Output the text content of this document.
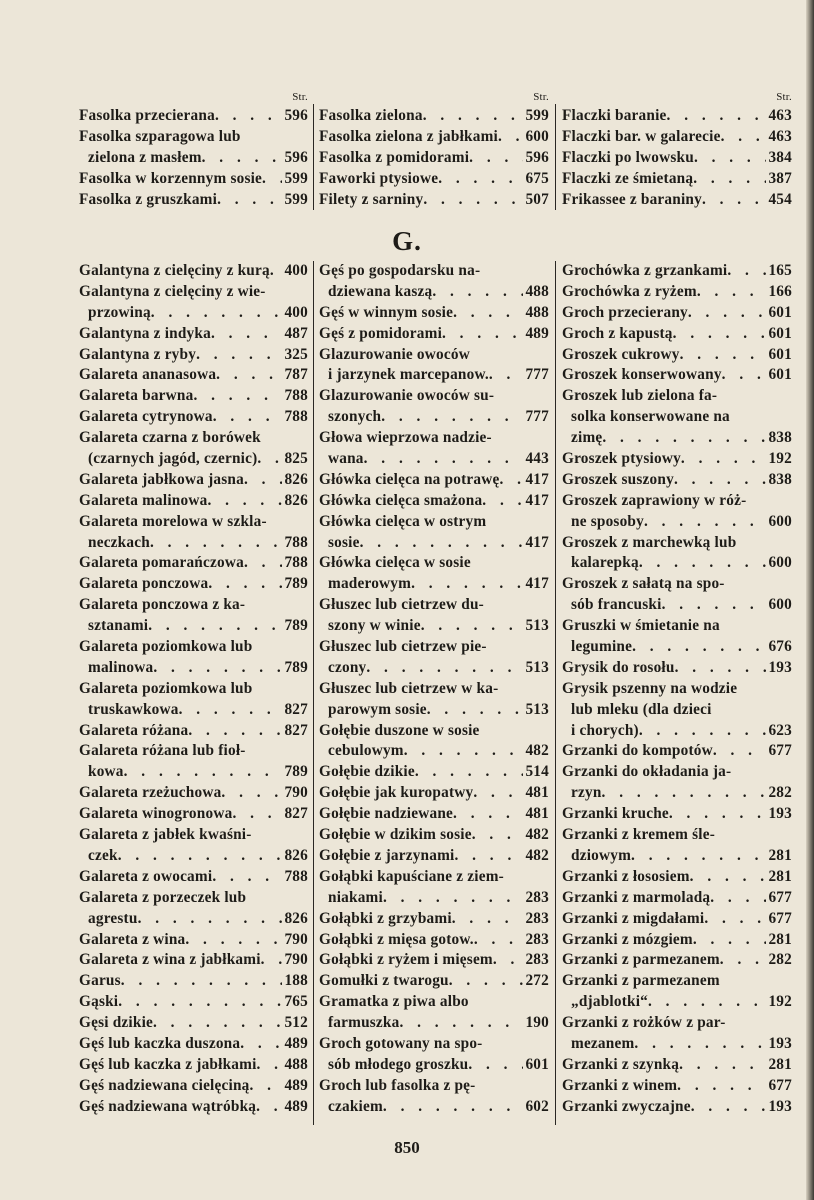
Str.
Fasolka przecierana . . .	596
Fasolka szparagowa lub
zielona z masłem . . .	596
Fasolka w korzennym sosie . . . 599
Fasolka z gruszkami . . .	599
Str.
Fasolka zielona . . .	599
Fasolka zielona z jabłkami . . . 600
Fasolka z pomidorami . . .	596
Faworki ptysiowe . . .	675
Filety z sarniny . . .	507
Str.
Flaczki baranie . . .	463
Flaczki bar. w galarecie . . .	463
Flaczki po lwowsku . . .	384
Flaczki ze śmietaną . . .	387
Frikassee z baraniny . . .	454
G.
Galantyna z cielęciny z kurą . . . 400
Galantyna z cielęciny z wie-
przowiną . . .	400
Galantyna z indyka . . .	487
Galantyna z ryby . . .	325
Galareta ananasowa . . .	787
Galareta barwna . . .	788
Galareta cytrynowa . . .	788
Galareta czarna z borówek
(czarnych jagód, czernic) . . . 825
Galareta jabłkowa jasna . . .	826
Galareta malinowa . . .	826
Galareta morelowa w szkla-
neczkach . . .	788
Galareta pomarańczowa . . .	788
Galareta ponczowa . . .	789
Galareta ponczowa z ka-
sztanami . . .	789
Galareta poziomkowa lub
malinowa . . .	789
Galareta poziomkowa lub
truskawkowa . . .	827
Galareta różana . . .	827
Galareta różana lub fioł-
kowa . . .	789
Galareta rzeżuchowa . . .	790
Galareta winogronowa . . .	827
Galareta z jabłek kwaśni-
czek . . .	826
Galareta z owocami . . .	788
Galareta z porzeczek lub
agrestu . . .	826
Galareta z wina . . .	790
Galareta z wina z jabłkami . . . 790
Garus . . .	188
Gąski . . .	765
Gęsi dzikie . . .	512
Gęś lub kaczka duszona . . .	489
Gęś lub kaczka z jabłkami . . . 488
Gęś nadziewana cielęciną . . . 489
Gęś nadziewana wątróbką . . . 489
Gęś po gospodarsku na-
dziewana kaszą . . .	488
Gęś w winnym sosie . . .	488
Gęś z pomidorami . . .	489
Glazurowanie owoców
i jarzynek marcepanow. . . . 777
Glazurowanie owoców su-
szonych . . .	777
Głowa wieprzowa nadzie-
wana . . .	443
Główka cielęca na potrawę . . . 417
Główka cielęca smażona . . .	417
Główka cielęca w ostrym
sosie . . .	417
Główka cielęca w sosie
maderowym . . .	417
Głuszec lub cietrzew du-
szony w winie . . .	513
Głuszec lub cietrzew pie-
czony . . .	513
Głuszec lub cietrzew w ka-
parowym sosie . . .	513
Gołębie duszone w sosie
cebulowym . . .	482
Gołębie dzikie . . .	514
Gołębie jak kuropatwy . . .	481
Gołębie nadziewane . . .	481
Gołębie w dzikim sosie . . .	482
Gołębie z jarzynami . . .	482
Gołąbki kapuściane z ziem-
niakami . . .	283
Gołąbki z grzybami . . .	283
Gołąbki z mięsa gotow. . . .	283
Gołąbki z ryżem i mięsem . . . 283
Gomułki z twarogu . . .	272
Gramatka z piwa albo
farmuszka . . .	190
Groch gotowany na spo-
sób młodego groszku . . .	601
Groch lub fasolka z pę-
czakiem . . .	602
Grochówka z grzankami . . .	165
Grochówka z ryżem . . .	166
Groch przecierany . . .	601
Groch z kapustą . . .	601
Groszek cukrowy . . .	601
Groszek konserwowany . . .	601
Groszek lub zielona fa-
solka konserwowane na
zimę . . .	838
Groszek ptysiowy . . .	192
Groszek suszony . . .	838
Groszek zaprawiony w róż-
ne sposoby . . .	600
Groszek z marchewką lub
kalarepką . . .	600
Groszek z sałatą na spo-
sób francuski . . .	600
Gruszki w śmietanie na
legumine . . .	676
Grysik do rosołu . . .	193
Grysik pszenny na wodzie
lub mleku (dla dzieci
i chorych) . . .	623
Grzanki do kompotów . . .	677
Grzanki do okładania ja-
rzyn . . .	282
Grzanki kruche . . .	193
Grzanki z kremem śle-
dziowym . . .	281
Grzanki z łososiem . . .	281
Grzanki z marmoladą . . .	677
Grzanki z migdałami . . .	677
Grzanki z mózgiem . . .	281
Grzanki z parmezanem . . .	282
Grzanki z parmezanem
„djablotki“ . . .	192
Grzanki z rożków z par-
mezanem . . .	193
Grzanki z szynką . . .	281
Grzanki z winem . . .	677
Grzanki zwyczajne . . .	193
850
